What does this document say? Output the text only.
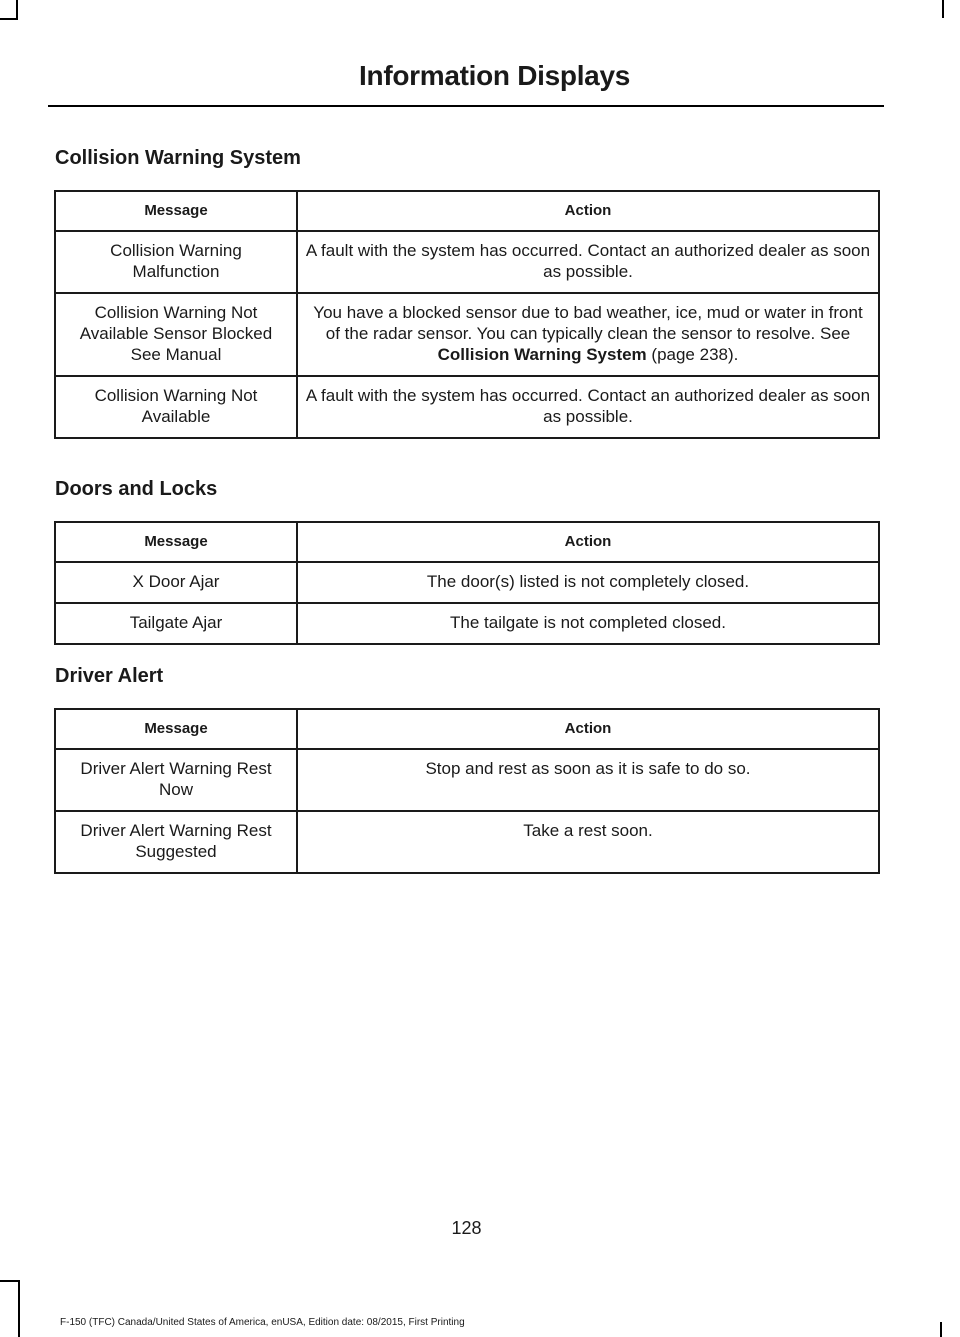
Information Displays
Collision Warning System
Message	Action
Collision Warning Malfunction	A fault with the system has occurred. Contact an authorized dealer as soon as possible.
Collision Warning Not Available Sensor Blocked See Manual	You have a blocked sensor due to bad weather, ice, mud or water in front of the radar sensor. You can typically clean the sensor to resolve. See Collision Warning System (page 238).
Collision Warning Not Available	A fault with the system has occurred. Contact an authorized dealer as soon as possible.
Doors and Locks
Message	Action
X Door Ajar	The door(s) listed is not completely closed.
Tailgate Ajar	The tailgate is not completed closed.
Driver Alert
Message	Action
Driver Alert Warning Rest Now	Stop and rest as soon as it is safe to do so.
Driver Alert Warning Rest Suggested	Take a rest soon.
128
F-150 (TFC) Canada/United States of America, enUSA, Edition date: 08/2015, First Printing
